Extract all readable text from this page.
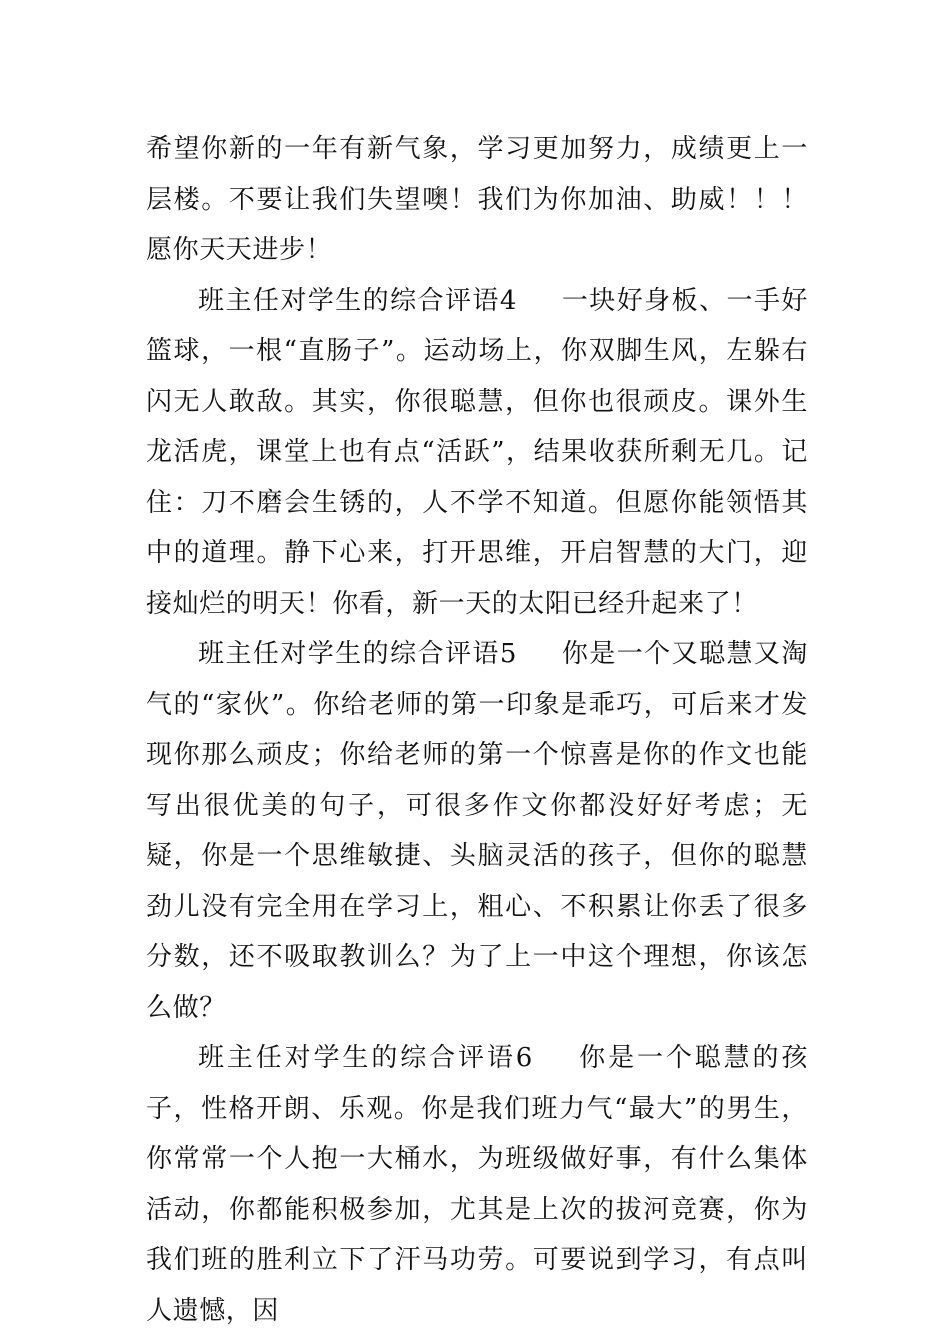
希望你新的一年有新气象，学习更加努力，成绩更上一层楼。不要让我们失望噢！我们为你加油、助威！！！愿你天天进步！

班主任对学生的综合评语4 一块好身板、一手好篮球，一根“直肠子”。运动场上，你双脚生风，左躲右闪无人敢敌。其实，你很聪慧，但你也很顽皮。课外生龙活虎，课堂上也有点“活跃”，结果收获所剩无几。记住：刀不磨会生锈的，人不学不知道。但愿你能领悟其中的道理。静下心来，打开思维，开启智慧的大门，迎接灿烂的明天！你看，新一天的太阳已经升起来了！

班主任对学生的综合评语5 你是一个又聪慧又淘气的“家伙”。你给老师的第一印象是乖巧，可后来才发现你那么顽皮；你给老师的第一个惊喜是你的作文也能写出很优美的句子，可很多作文你都没好好考虑；无疑，你是一个思维敏捷、头脑灵活的孩子，但你的聪慧劲儿没有完全用在学习上，粗心、不积累让你丢了很多分数，还不吸取教训么？为了上一中这个理想，你该怎么做？

班主任对学生的综合评语6 你是一个聪慧的孩子，性格开朗、乐观。你是我们班力气“最大”的男生，你常常一个人抱一大桶水，为班级做好事，有什么集体活动，你都能积极参加，尤其是上次的拔河竞赛，你为我们班的胜利立下了汗马功劳。可要说到学习，有点叫人遗憾，因
